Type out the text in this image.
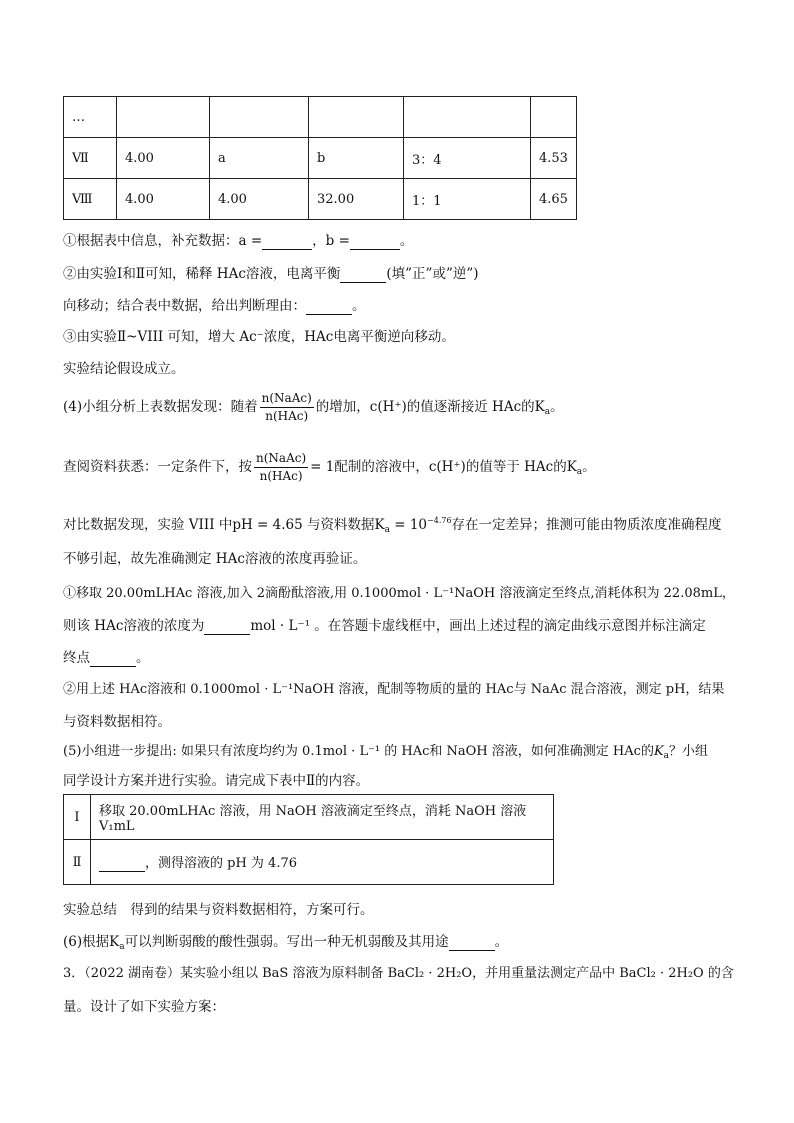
…					
Ⅶ	4.00	a	b	3：4	4.53
Ⅷ	4.00	4.00	32.00	1：1	4.65
①根据表中信息，补充数据：a =	，b =	。
②由实验Ⅰ和Ⅱ可知，稀释 HAc溶液，电离平衡	(填”正”或”逆”)
向移动；结合表中数据，给出判断理由：	。
③由实验Ⅱ~VIII 可知，增大 Ac⁻浓度，HAc电离平衡逆向移动。
实验结论假设成立。
(4)小组分析上表数据发现：随着 $\frac{\text{n(NaAc)}}{\text{n(HAc)}}$ 的增加，c(H⁺)的值逐渐接近 HAc的$K_a$。
查阅资料获悉：一定条件下，按 $\frac{\text{n(NaAc)}}{\text{n(HAc)}} = 1$配制的溶液中，c(H⁺)的值等于 HAc的$K_a$。
对比数据发现，实验 VIII 中pH = 4.65 与资料数据$K_a = 10^{-4.76}$存在一定差异；推测可能由物质浓度准确程度
不够引起，故先准确测定 HAc溶液的浓度再验证。
①移取 20.00mLHAc 溶液,加入 2滴酚酞溶液,用 0.1000mol · L⁻¹NaOH 溶液滴定至终点,消耗体积为 22.08mL，
则该 HAc溶液的浓度为	mol · L⁻¹ 。在答题卡虚线框中，画出上述过程的滴定曲线示意图并标注滴定
终点	。
②用上述 HAc溶液和 0.1000mol · L⁻¹NaOH 溶液，配制等物质的量的 HAc与 NaAc 混合溶液，测定 pH，结果
与资料数据相符。
(5)小组进一步提出: 如果只有浓度均约为 0.1mol · L⁻¹ 的 HAc和 NaOH 溶液，如何准确测定 HAc的$K_a$？小组
同学设计方案并进行实验。请完成下表中Ⅱ的内容。
Ⅰ	移取 20.00mLHAc 溶液，用 NaOH 溶液滴定至终点，消耗 NaOH 溶液 V₁mL
Ⅱ	，测得溶液的 pH 为 4.76
实验总结　得到的结果与资料数据相符，方案可行。
(6)根据$K_a$可以判断弱酸的酸性强弱。写出一种无机弱酸及其用途	。
3．（2022 湖南卷）某实验小组以 BaS 溶液为原料制备 BaCl₂ · 2H₂O，并用重量法测定产品中 BaCl₂ · 2H₂O 的含
量。设计了如下实验方案：
